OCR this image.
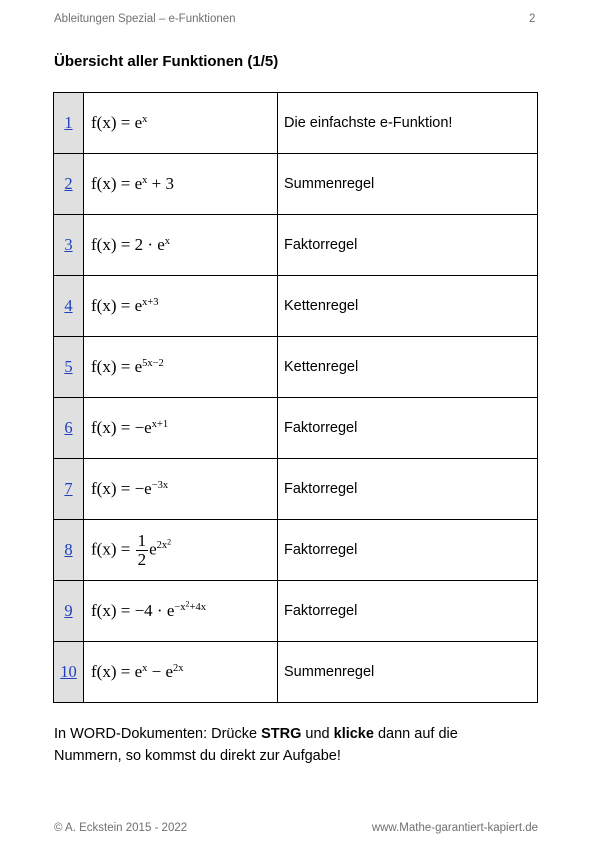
Ableitungen Spezial – e-Funktionen	2
Übersicht aller Funktionen (1/5)
1	$f(x) = e^x$	Die einfachste e-Funktion!
2	$f(x) = e^x + 3$	Summenregel
3	$f(x) = 2 \cdot e^x$	Faktorregel
4	$f(x) = e^{x+3}$	Kettenregel
5	$f(x) = e^{5x-2}$	Kettenregel
6	$f(x) = -e^{x+1}$	Faktorregel
7	$f(x) = -e^{-3x}$	Faktorregel
8	$f(x) = \frac{1}{2} e^{2x^2}$	Faktorregel
9	$f(x) = -4 \cdot e^{-x^2+4x}$	Faktorregel
10	$f(x) = e^x - e^{2x}$	Summenregel
In WORD-Dokumenten: Drücke STRG und klicke dann auf die Nummern, so kommst du direkt zur Aufgabe!
© A. Eckstein 2015 - 2022	www.Mathe-garantiert-kapiert.de
